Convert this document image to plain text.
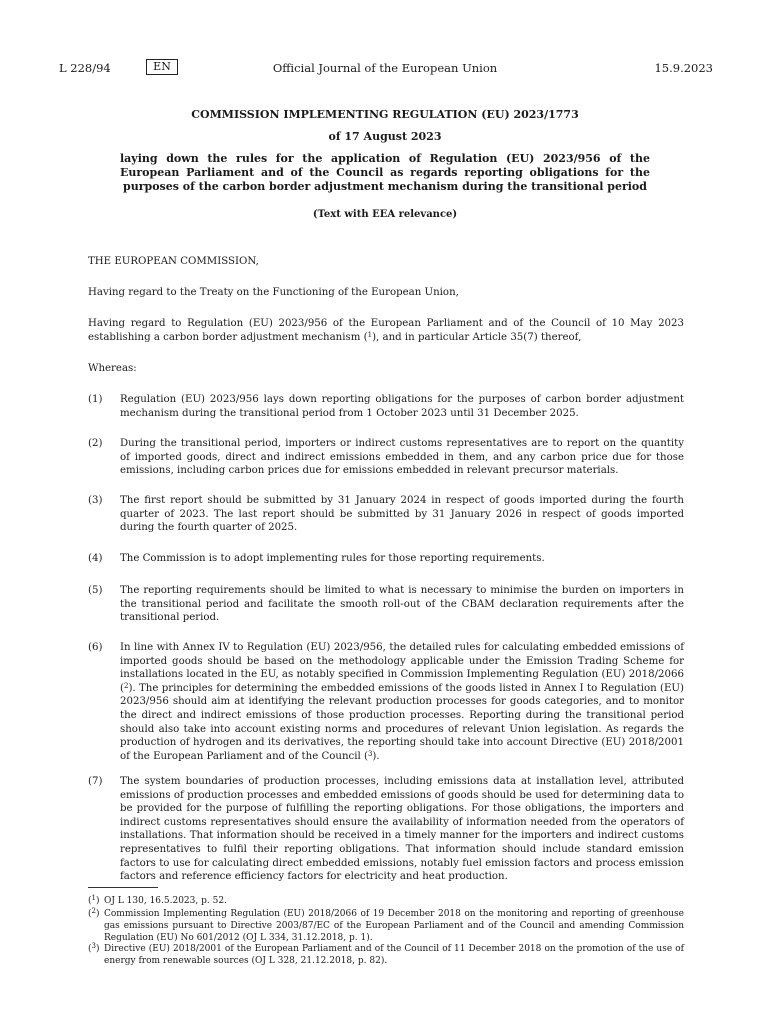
L 228/94	EN	Official Journal of the European Union	15.9.2023

COMMISSION IMPLEMENTING REGULATION (EU) 2023/1773

of 17 August 2023

laying down the rules for the application of Regulation (EU) 2023/956 of the European Parliament and of the Council as regards reporting obligations for the purposes of the carbon border adjustment mechanism during the transitional period

(Text with EEA relevance)

THE EUROPEAN COMMISSION,

Having regard to the Treaty on the Functioning of the European Union,

Having regard to Regulation (EU) 2023/956 of the European Parliament and of the Council of 10 May 2023 establishing a carbon border adjustment mechanism ($^1$), and in particular Article 35(7) thereof,

Whereas:

(1)	Regulation (EU) 2023/956 lays down reporting obligations for the purposes of carbon border adjustment mechanism during the transitional period from 1 October 2023 until 31 December 2025.

(2)	During the transitional period, importers or indirect customs representatives are to report on the quantity of imported goods, direct and indirect emissions embedded in them, and any carbon price due for those emissions, including carbon prices due for emissions embedded in relevant precursor materials.

(3)	The first report should be submitted by 31 January 2024 in respect of goods imported during the fourth quarter of 2023. The last report should be submitted by 31 January 2026 in respect of goods imported during the fourth quarter of 2025.

(4)	The Commission is to adopt implementing rules for those reporting requirements.

(5)	The reporting requirements should be limited to what is necessary to minimise the burden on importers in the transitional period and facilitate the smooth roll-out of the CBAM declaration requirements after the transitional period.

(6)	In line with Annex IV to Regulation (EU) 2023/956, the detailed rules for calculating embedded emissions of imported goods should be based on the methodology applicable under the Emission Trading Scheme for installations located in the EU, as notably specified in Commission Implementing Regulation (EU) 2018/2066 ($^2$). The principles for determining the embedded emissions of the goods listed in Annex I to Regulation (EU) 2023/956 should aim at identifying the relevant production processes for goods categories, and to monitor the direct and indirect emissions of those production processes. Reporting during the transitional period should also take into account existing norms and procedures of relevant Union legislation. As regards the production of hydrogen and its derivatives, the reporting should take into account Directive (EU) 2018/2001 of the European Parliament and of the Council ($^3$).

(7)	The system boundaries of production processes, including emissions data at installation level, attributed emissions of production processes and embedded emissions of goods should be used for determining data to be provided for the purpose of fulfilling the reporting obligations. For those obligations, the importers and indirect customs representatives should ensure the availability of information needed from the operators of installations. That information should be received in a timely manner for the importers and indirect customs representatives to fulfil their reporting obligations. That information should include standard emission factors to use for calculating direct embedded emissions, notably fuel emission factors and process emission factors and reference efficiency factors for electricity and heat production.

($^1$) OJ L 130, 16.5.2023, p. 52.

($^2$) Commission Implementing Regulation (EU) 2018/2066 of 19 December 2018 on the monitoring and reporting of greenhouse gas emissions pursuant to Directive 2003/87/EC of the European Parliament and of the Council and amending Commission Regulation (EU) No 601/2012 (OJ L 334, 31.12.2018, p. 1).

($^3$) Directive (EU) 2018/2001 of the European Parliament and of the Council of 11 December 2018 on the promotion of the use of energy from renewable sources (OJ L 328, 21.12.2018, p. 82).
